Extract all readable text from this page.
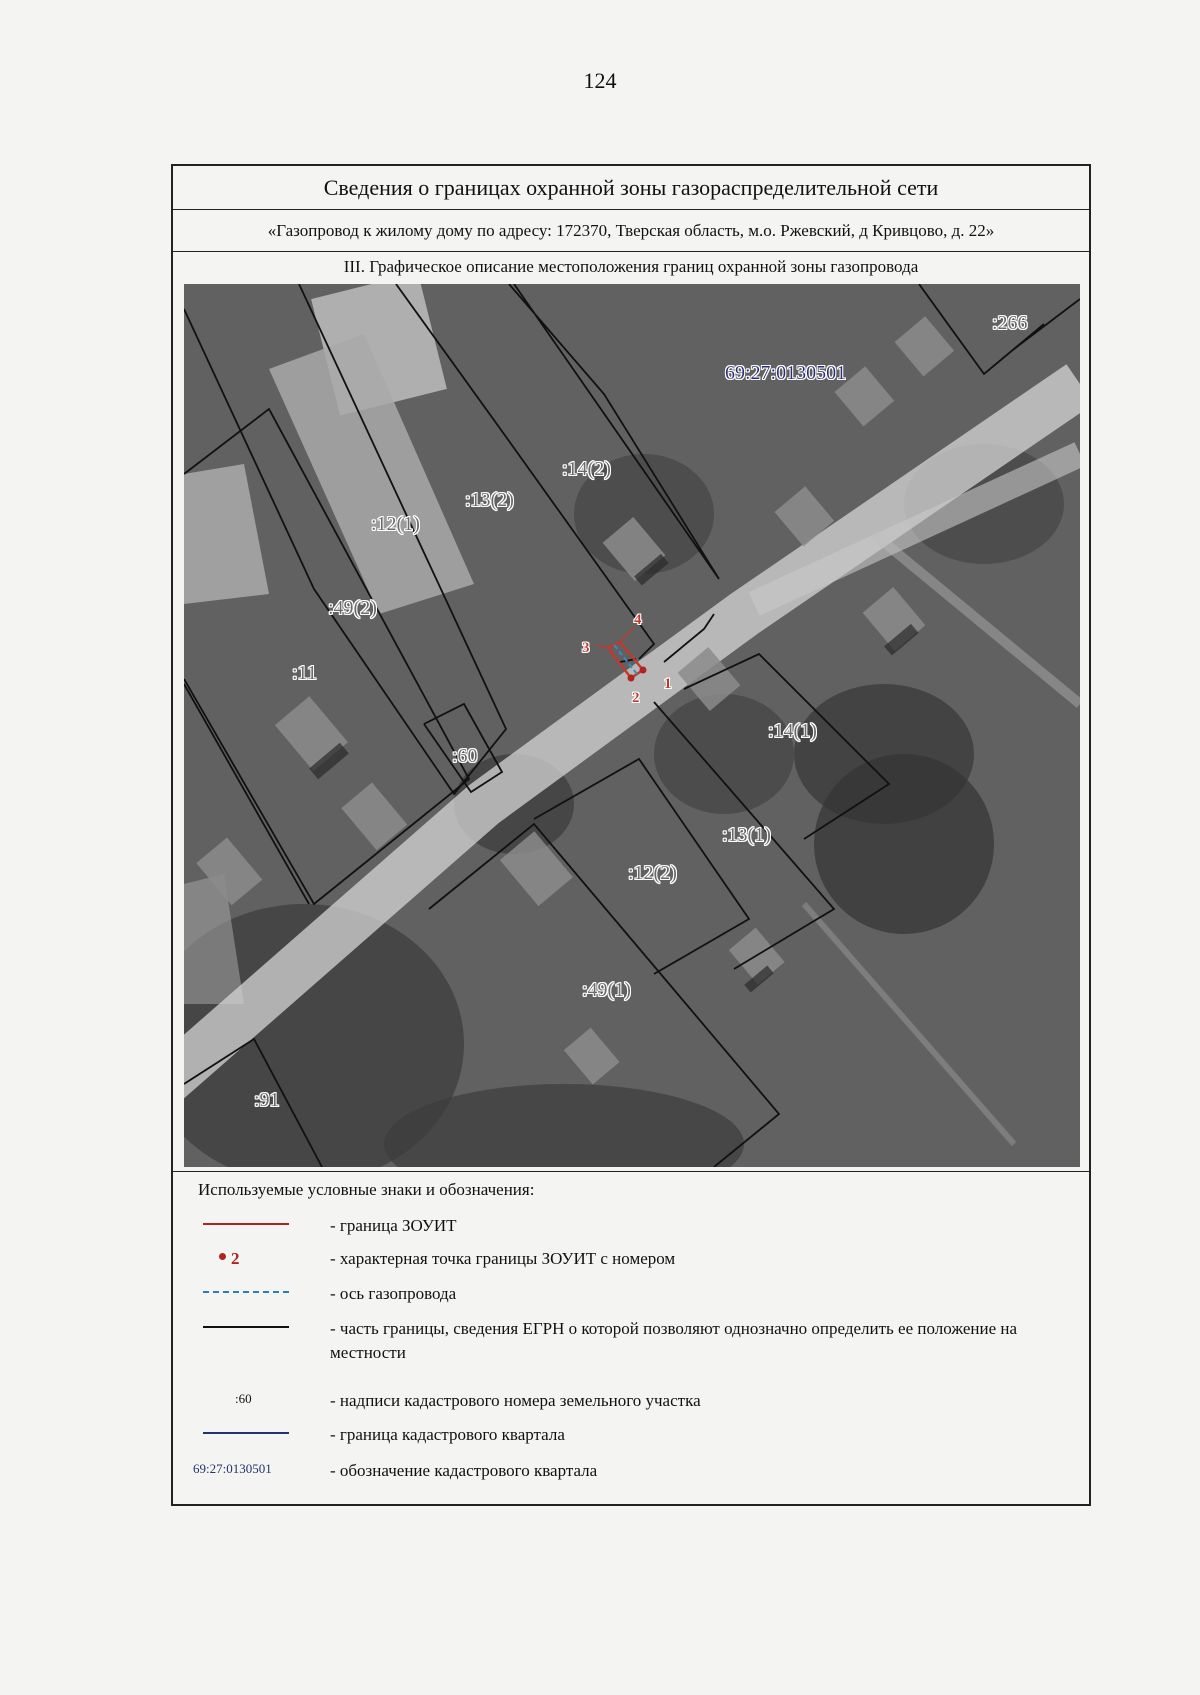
124
Сведения о границах охранной зоны газораспределительной сети
«Газопровод к жилому дому по адресу: 172370, Тверская область, м.о. Ржевский, д Кривцово, д. 22»
III. Графическое описание местоположения границ охранной зоны газопровода
1
2
3
4
:266
:14(2)
:13(2)
:12(1)
:49(2)
:11
:60
:14(1)
:13(1)
:12(2)
:49(1)
:91
69:27:0130501
Используемые условные знаки и обозначения:
- граница ЗОУИТ
2	- характерная точка границы ЗОУИТ с номером
- ось газопровода
- часть границы, сведения ЕГРН о которой позволяют однозначно определить ее положение на местности
:60	- надписи кадастрового номера земельного участка
- граница кадастрового квартала
69:27:0130501	- обозначение кадастрового квартала
